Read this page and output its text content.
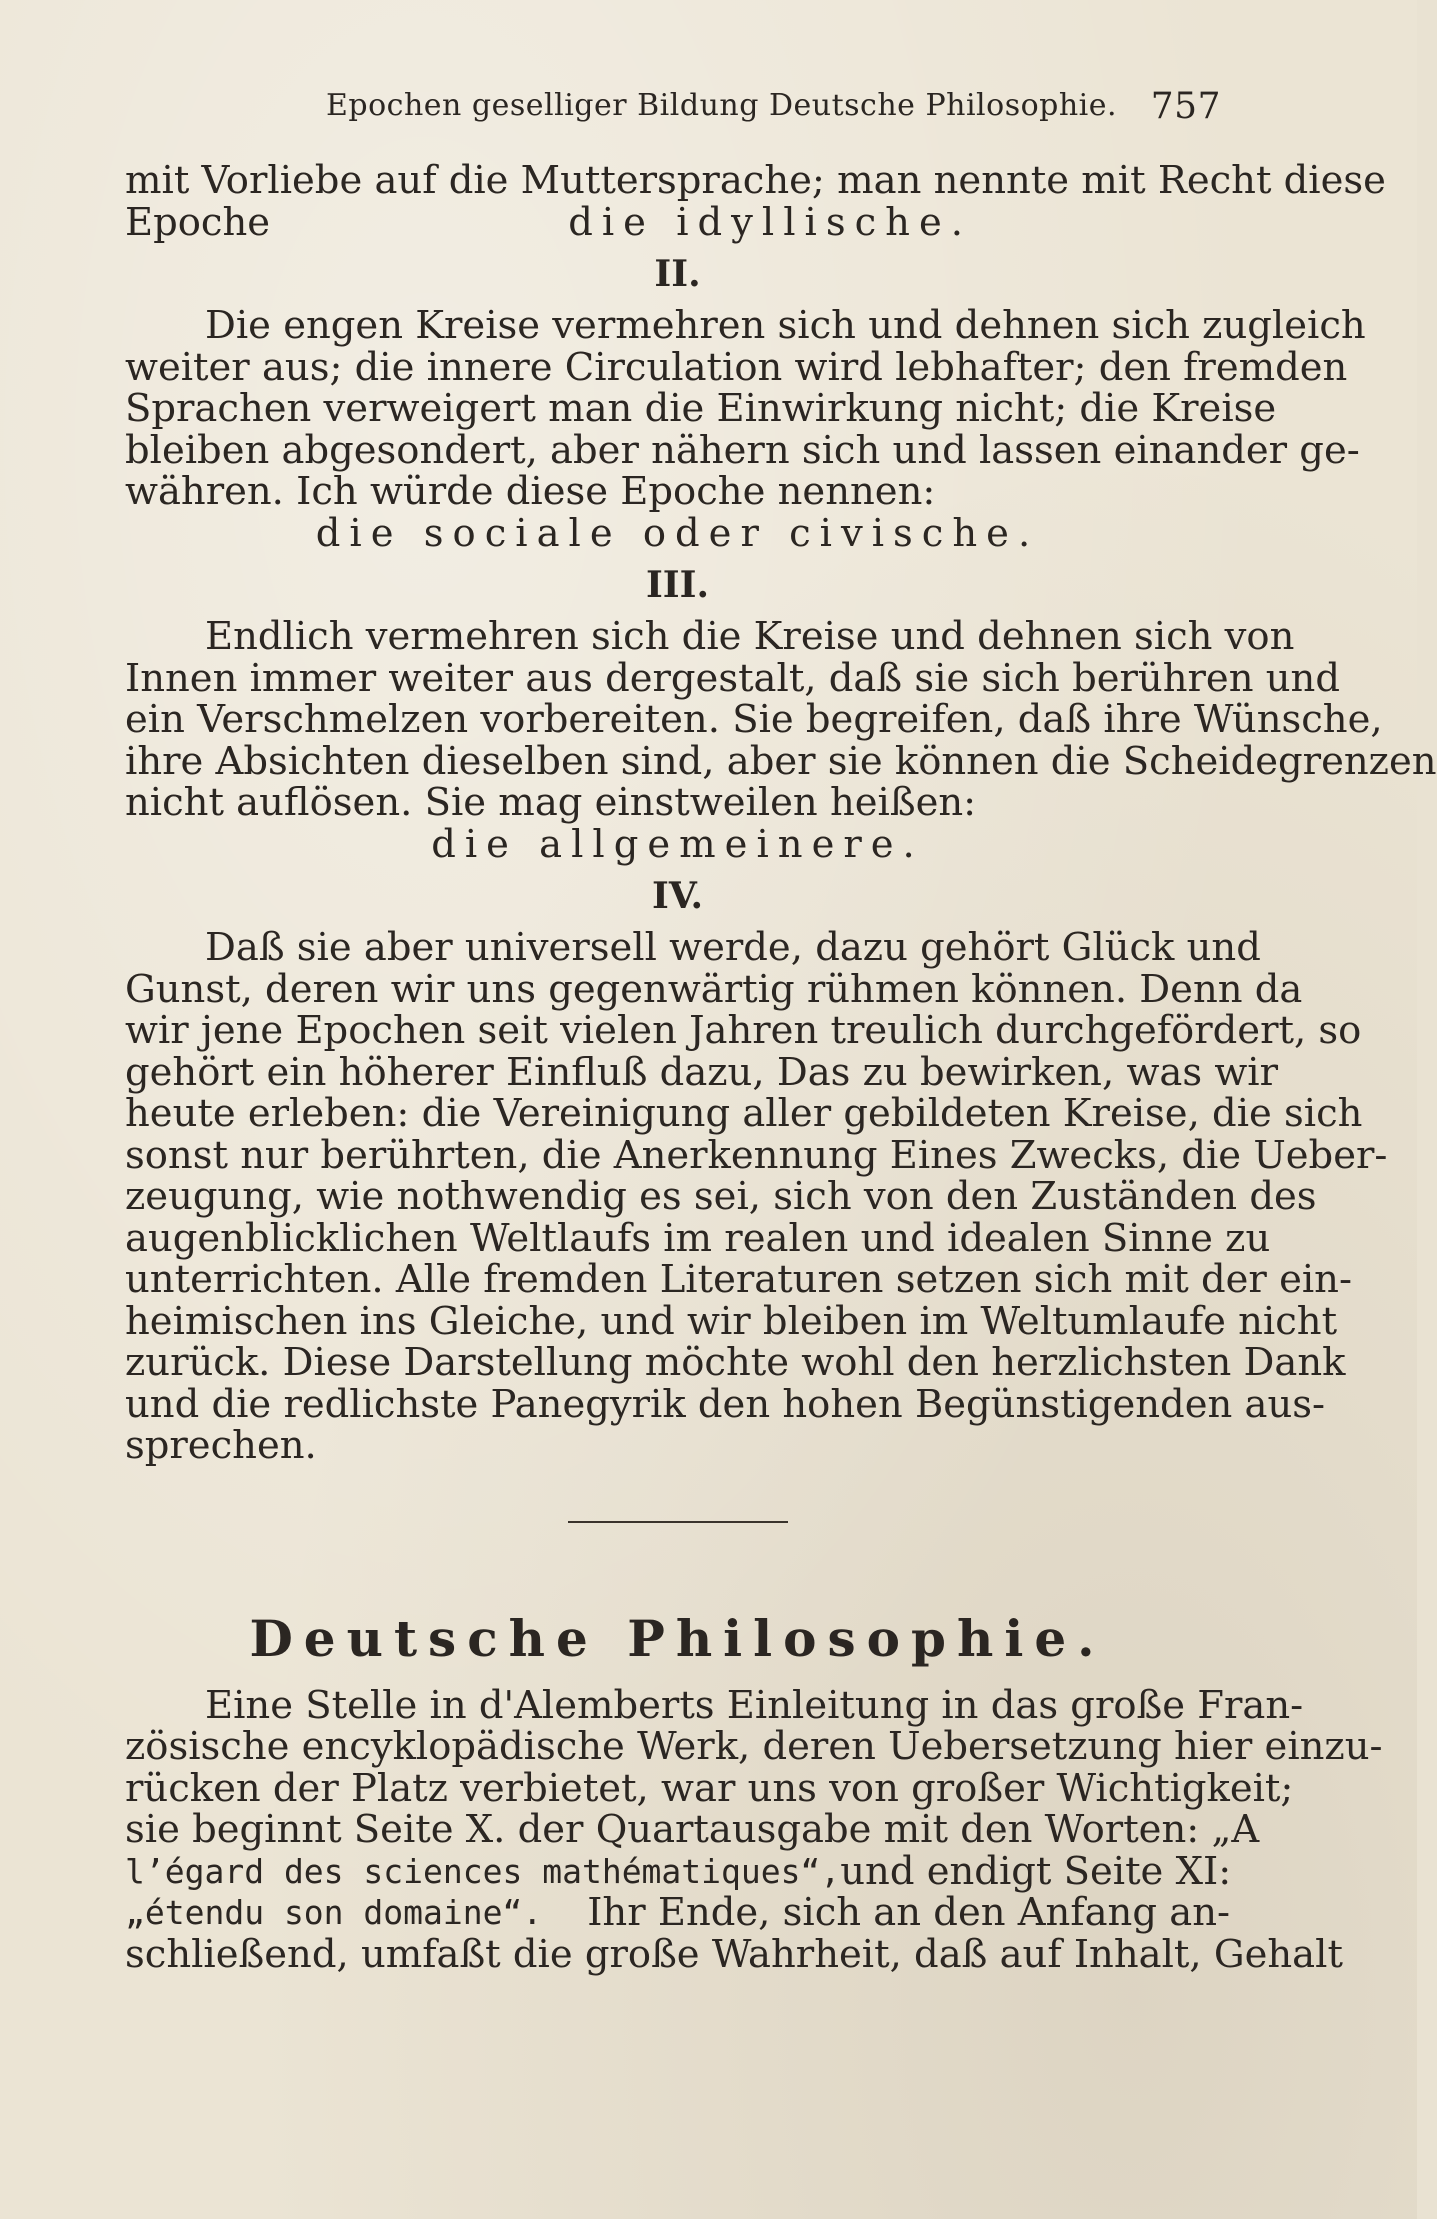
Epochen geselliger Bildung Deutsche Philosophie. 757
mit Vorliebe auf die Muttersprache; man nennte mit Recht diese
Epoche	die idyllische.
II.
Die engen Kreise vermehren sich und dehnen sich zugleich
weiter aus; die innere Circulation wird lebhafter; den fremden
Sprachen verweigert man die Einwirkung nicht; die Kreise
bleiben abgesondert, aber nähern sich und lassen einander ge-
währen. Ich würde diese Epoche nennen:
die sociale oder civische.
III.
Endlich vermehren sich die Kreise und dehnen sich von
Innen immer weiter aus dergestalt, daß sie sich berühren und
ein Verschmelzen vorbereiten. Sie begreifen, daß ihre Wünsche,
ihre Absichten dieselben sind, aber sie können die Scheidegrenzen
nicht auflösen. Sie mag einstweilen heißen:
die allgemeinere.
IV.
Daß sie aber universell werde, dazu gehört Glück und
Gunst, deren wir uns gegenwärtig rühmen können. Denn da
wir jene Epochen seit vielen Jahren treulich durchgefördert, so
gehört ein höherer Einfluß dazu, Das zu bewirken, was wir
heute erleben: die Vereinigung aller gebildeten Kreise, die sich
sonst nur berührten, die Anerkennung Eines Zwecks, die Ueber-
zeugung, wie nothwendig es sei, sich von den Zuständen des
augenblicklichen Weltlaufs im realen und idealen Sinne zu
unterrichten. Alle fremden Literaturen setzen sich mit der ein-
heimischen ins Gleiche, und wir bleiben im Weltumlaufe nicht
zurück. Diese Darstellung möchte wohl den herzlichsten Dank
und die redlichste Panegyrik den hohen Begünstigenden aus-
sprechen.
Deutsche Philosophie.
Eine Stelle in d'Alemberts Einleitung in das große Fran-
zösische encyklopädische Werk, deren Uebersetzung hier einzu-
rücken der Platz verbietet, war uns von großer Wichtigkeit;
sie beginnt Seite X. der Quartausgabe mit den Worten: „A
l’égard des sciences mathématiques“, und endigt Seite XI:
„étendu son domaine“. Ihr Ende, sich an den Anfang an-
schließend, umfaßt die große Wahrheit, daß auf Inhalt, Gehalt
